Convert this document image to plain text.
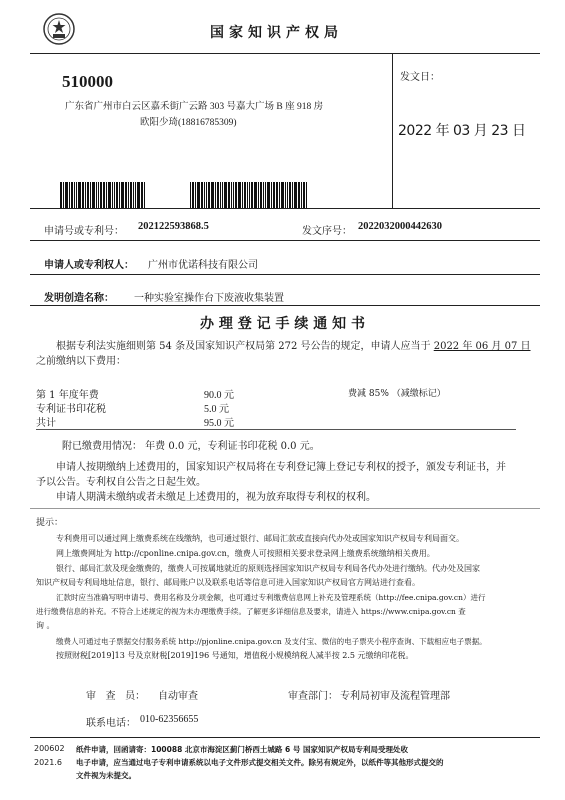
国家知识产权局
510000
广东省广州市白云区嘉禾街广云路 303 号嘉大广场 B 座 918 房
欧阳少琦(18816785309)
发文日：
2022 年 03 月 23 日
申请号或专利号： 202122593868.5	发文序号： 2022032000442630
申请人或专利权人： 广州市优诺科技有限公司
发明创造名称： 一种实验室操作台下废液收集装置
办 理 登 记 手 续 通 知 书
根据专利法实施细则第 54 条及国家知识产权局第 272 号公告的规定，申请人应当于 2022 年 06 月 07 日
之前缴纳以下费用：
第 1 年度年费	90.0 元	费减 85% （减缴标记）
专利证书印花税	5.0 元
共计	95.0 元
附已缴费用情况： 年费 0.0 元，专利证书印花税 0.0 元。
申请人按期缴纳上述费用的，国家知识产权局将在专利登记簿上登记专利权的授予，颁发专利证书，并
予以公告。专利权自公告之日起生效。
申请人期满未缴纳或者未缴足上述费用的，视为放弃取得专利权的权利。
提示：
专利费用可以通过网上缴费系统在线缴纳，也可通过银行、邮局汇款或直接向代办处或国家知识产权局专利局面交。
网上缴费网址为 http://cponline.cnipa.gov.cn，缴费人可按照相关要求登录网上缴费系统缴纳相关费用。
银行、邮局汇款及现金缴费的，缴费人可按属地就近的原则选择国家知识产权局专利局各代办处进行缴纳。代办处及国家
知识产权局专利局地址信息，银行、邮局账户以及联系电话等信息可进入国家知识产权局官方网站进行查看。
汇款时应当准确写明申请号、费用名称及分项金额，也可通过专利缴费信息网上补充及管理系统（http://fee.cnipa.gov.cn）进行
进行缴费信息的补充。不符合上述规定的视为未办理缴费手续。了解更多详细信息及要求，请进入 https://www.cnipa.gov.cn 查
询 。
缴费人可通过电子票据交付服务系统 http://pjonline.cnipa.gov.cn 及支付宝、微信的电子票夹小程序查询、下载相应电子票据。
按照财税[2019]13 号及京财税[2019]196 号通知，增值税小规模纳税人减半按 2.5 元缴纳印花税。
审   查   员： 自动审查	审查部门： 专利局初审及流程管理部
联系电话： 010-62356655
200602
2021.6
纸件申请，回函请寄：100088 北京市海淀区蓟门桥西土城路 6 号 国家知识产权局专利局受理处收
电子申请，应当通过电子专利申请系统以电子文件形式提交相关文件。除另有规定外，以纸件等其他形式提交的
文件视为未提交。
